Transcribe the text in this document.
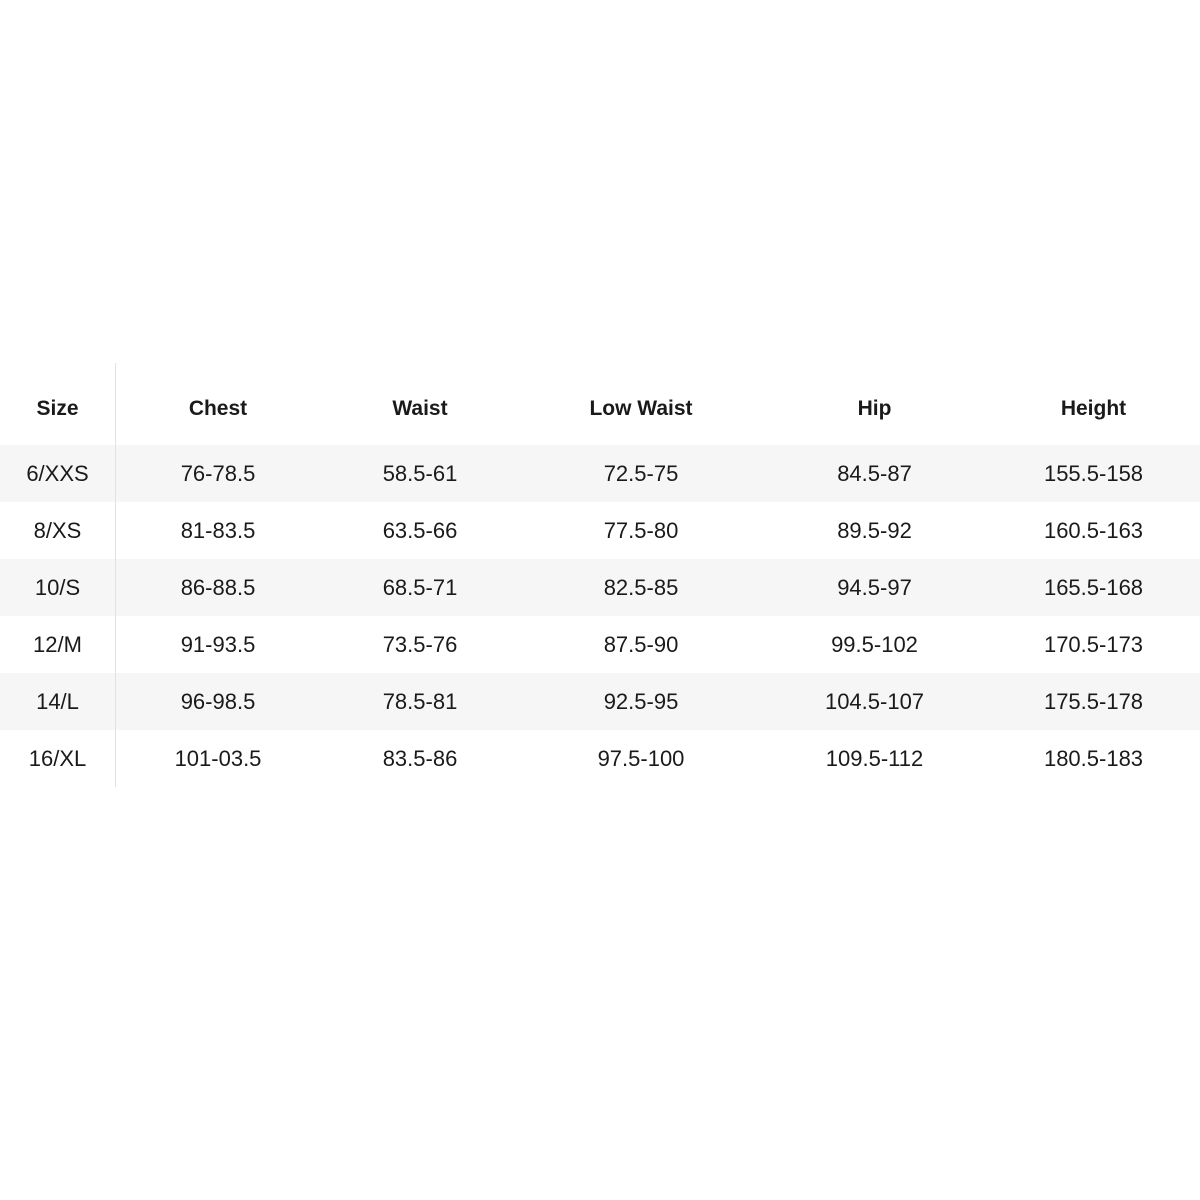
Size	Chest	Waist	Low Waist	Hip	Height
6/XXS	76-78.5	58.5-61	72.5-75	84.5-87	155.5-158
8/XS	81-83.5	63.5-66	77.5-80	89.5-92	160.5-163
10/S	86-88.5	68.5-71	82.5-85	94.5-97	165.5-168
12/M	91-93.5	73.5-76	87.5-90	99.5-102	170.5-173
14/L	96-98.5	78.5-81	92.5-95	104.5-107	175.5-178
16/XL	101-03.5	83.5-86	97.5-100	109.5-112	180.5-183
